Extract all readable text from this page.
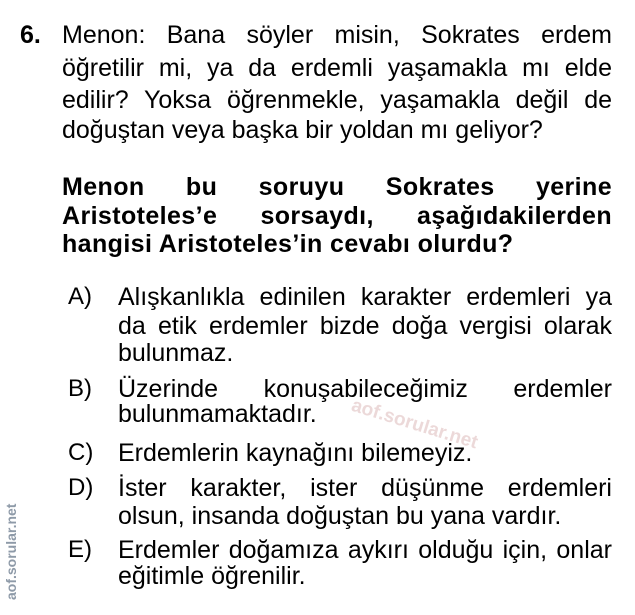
6. Menon: Bana söyler misin, Sokrates erdem
öğretilir mi, ya da erdemli yaşamakla mı elde
edilir? Yoksa öğrenmekle, yaşamakla değil de
doğuştan veya başka bir yoldan mı geliyor?
Menon bu soruyu Sokrates yerine
Aristoteles’e sorsaydı, aşağıdakilerden
hangisi Aristoteles’in cevabı olurdu?
A) Alışkanlıkla edinilen karakter erdemleri ya
da etik erdemler bizde doğa vergisi olarak
bulunmaz.
B) Üzerinde konuşabileceğimiz erdemler
bulunmamaktadır.
C) Erdemlerin kaynağını bilemeyiz.
D) İster karakter, ister düşünme erdemleri
olsun, insanda doğuştan bu yana vardır.
E) Erdemler doğamıza aykırı olduğu için, onlar
eğitimle öğrenilir.
aof.sorular.net
aof.sorular.net
